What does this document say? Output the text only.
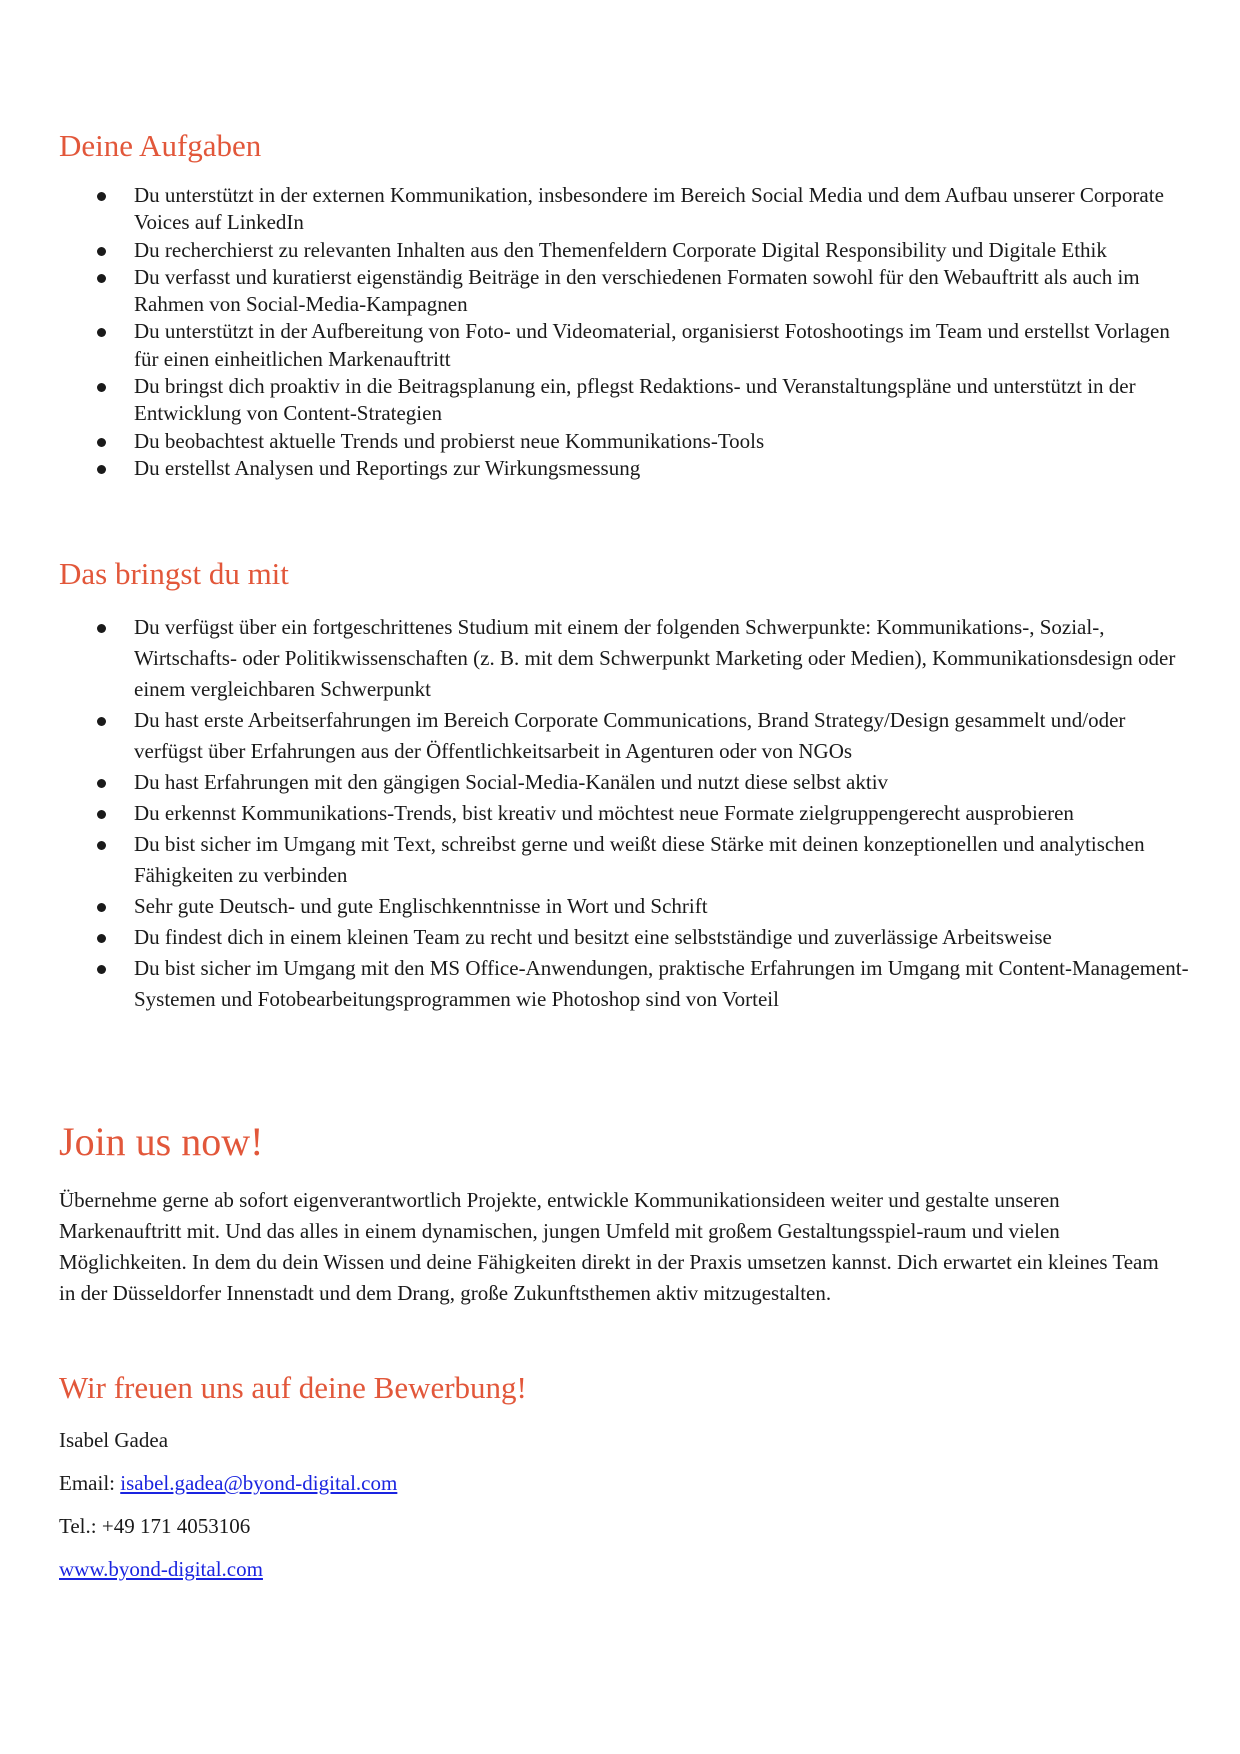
Deine Aufgaben
Du unterstützt in der externen Kommunikation, insbesondere im Bereich Social Media und dem Aufbau unserer Corporate Voices auf LinkedIn
Du recherchierst zu relevanten Inhalten aus den Themenfeldern Corporate Digital Responsibility und Digitale Ethik
Du verfasst und kuratierst eigenständig Beiträge in den verschiedenen Formaten sowohl für den Webauftritt als auch im Rahmen von Social-Media-Kampagnen
Du unterstützt in der Aufbereitung von Foto- und Videomaterial, organisierst Fotoshootings im Team und erstellst Vorlagen für einen einheitlichen Markenauftritt
Du bringst dich proaktiv in die Beitragsplanung ein, pflegst Redaktions- und Veranstaltungspläne und unterstützt in der Entwicklung von Content-Strategien
Du beobachtest aktuelle Trends und probierst neue Kommunikations-Tools
Du erstellst Analysen und Reportings zur Wirkungsmessung
Das bringst du mit
Du verfügst über ein fortgeschrittenes Studium mit einem der folgenden Schwerpunkte: Kommunikations-, Sozial-, Wirtschafts- oder Politikwissenschaften (z. B. mit dem Schwerpunkt Marketing oder Medien), Kommunikationsdesign oder einem vergleichbaren Schwerpunkt
Du hast erste Arbeitserfahrungen im Bereich Corporate Communications, Brand Strategy/Design gesammelt und/oder verfügst über Erfahrungen aus der Öffentlichkeitsarbeit in Agenturen oder von NGOs
Du hast Erfahrungen mit den gängigen Social-Media-Kanälen und nutzt diese selbst aktiv
Du erkennst Kommunikations-Trends, bist kreativ und möchtest neue Formate zielgruppengerecht ausprobieren
Du bist sicher im Umgang mit Text, schreibst gerne und weißt diese Stärke mit deinen konzeptionellen und analytischen Fähigkeiten zu verbinden
Sehr gute Deutsch- und gute Englischkenntnisse in Wort und Schrift
Du findest dich in einem kleinen Team zu recht und besitzt eine selbstständige und zuverlässige Arbeitsweise
Du bist sicher im Umgang mit den MS Office-Anwendungen, praktische Erfahrungen im Umgang mit Content-Management-Systemen und Fotobearbeitungsprogrammen wie Photoshop sind von Vorteil
Join us now!

Übernehme gerne ab sofort eigenverantwortlich Projekte, entwickle Kommunikationsideen weiter und gestalte unseren Markenauftritt mit. Und das alles in einem dynamischen, jungen Umfeld mit großem Gestaltungsspiel-raum und vielen Möglichkeiten. In dem du dein Wissen und deine Fähigkeiten direkt in der Praxis umsetzen kannst. Dich erwartet ein kleines Team in der Düsseldorfer Innenstadt und dem Drang, große Zukunftsthemen aktiv mitzugestalten.

Wir freuen uns auf deine Bewerbung!

Isabel Gadea

Email: isabel.gadea@byond-digital.com

Tel.: +49 171 4053106

www.byond-digital.com
